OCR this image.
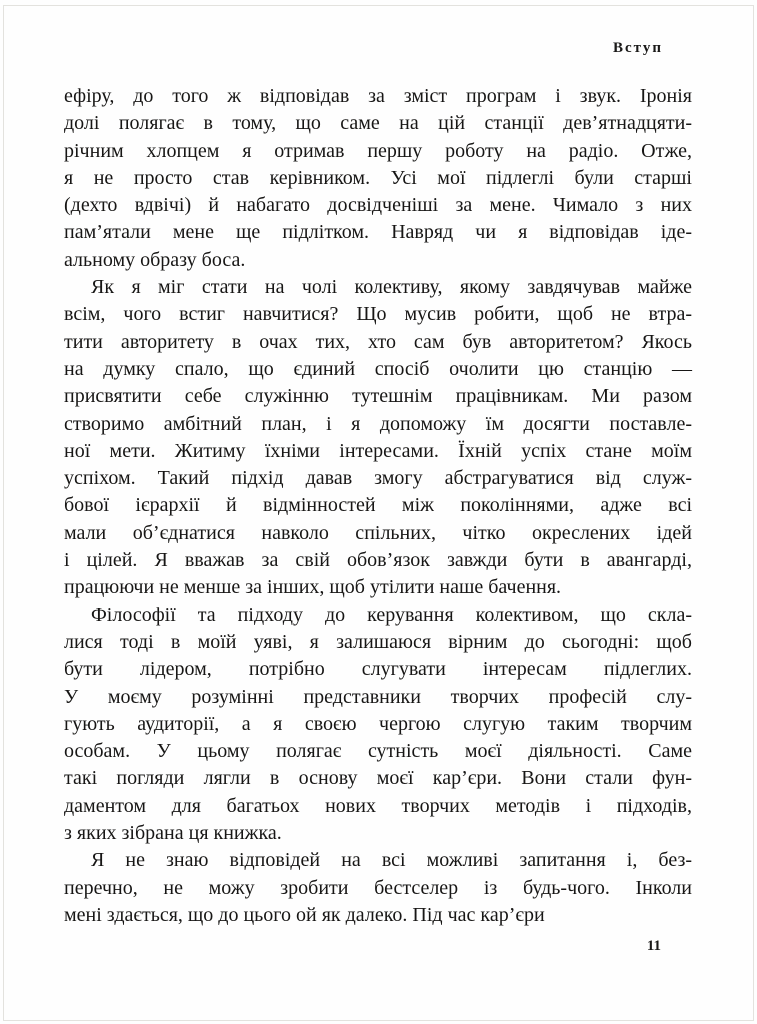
Вступ
ефіру, до того ж відповідав за зміст програм і звук. Іронія
долі полягає в тому, що саме на цій станції дев’ятнадцяти-
річним хлопцем я отримав першу роботу на радіо. Отже,
я не просто став керівником. Усі мої підлеглі були старші
(дехто вдвічі) й набагато досвідченіші за мене. Чимало з них
пам’ятали мене ще підлітком. Навряд чи я відповідав іде-
альному образу боса.
Як я міг стати на чолі колективу, якому завдячував майже
всім, чого встиг навчитися? Що мусив робити, щоб не втра-
тити авторитету в очах тих, хто сам був авторитетом? Якось
на думку спало, що єдиний спосіб очолити цю станцію —
присвятити себе служінню тутешнім працівникам. Ми разом
створимо амбітний план, і я допоможу їм досягти поставле-
ної мети. Житиму їхніми інтересами. Їхній успіх стане моїм
успіхом. Такий підхід давав змогу абстрагуватися від служ-
бової ієрархії й відмінностей між поколіннями, адже всі
мали об’єднатися навколо спільних, чітко окреслених ідей
і цілей. Я вважав за свій обов’язок завжди бути в авангарді,
працюючи не менше за інших, щоб утілити наше бачення.
Філософії та підходу до керування колективом, що скла-
лися тоді в моїй уяві, я залишаюся вірним до сьогодні: щоб
бути лідером, потрібно слугувати інтересам підлеглих.
У моєму розумінні представники творчих професій слу-
гують аудиторії, а я своєю чергою слугую таким творчим
особам. У цьому полягає сутність моєї діяльності. Саме
такі погляди лягли в основу моєї кар’єри. Вони стали фун-
даментом для багатьох нових творчих методів і підходів,
з яких зібрана ця книжка.
Я не знаю відповідей на всі можливі запитання і, без-
перечно, не можу зробити бестселер із будь-чого. Інколи
мені здається, що до цього ой як далеко. Під час кар’єри
11
